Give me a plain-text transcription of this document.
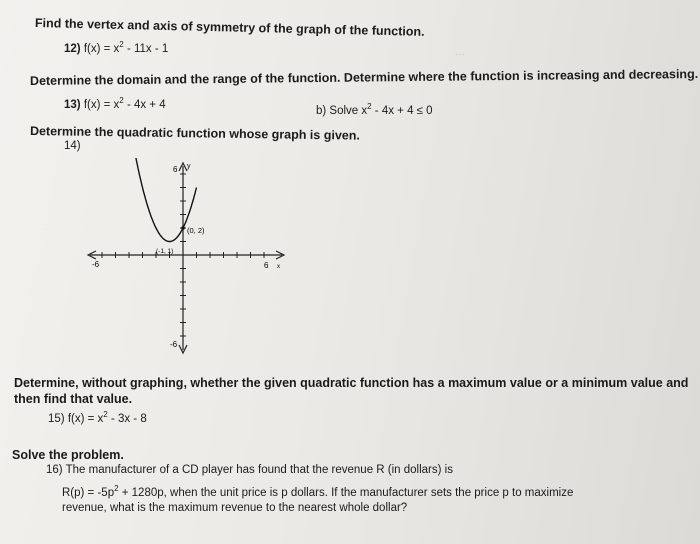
...
Find the vertex and axis of symmetry of the graph of the function.
12) $f(x) = x^2 - 11x - 1$
Determine the domain and the range of the function. Determine where the function is increasing and decreasing.
13) $f(x) = x^2 - 4x + 4$	b) Solve $x^2 - 4x + 4 \le 0$
Determine the quadratic function whose graph is given.
14)
6 y
-6
-6	6 x
(0, 2)
(-1, 1)
Determine, without graphing, whether the given quadratic function has a maximum value or a minimum value and
then find that value.
15) $f(x) = x^2 - 3x - 8$
Solve the problem.
16) The manufacturer of a CD player has found that the revenue R (in dollars) is
$R(p) = -5p^2 + 1280p$, when the unit price is p dollars. If the manufacturer sets the price p to maximize
revenue, what is the maximum revenue to the nearest whole dollar?
